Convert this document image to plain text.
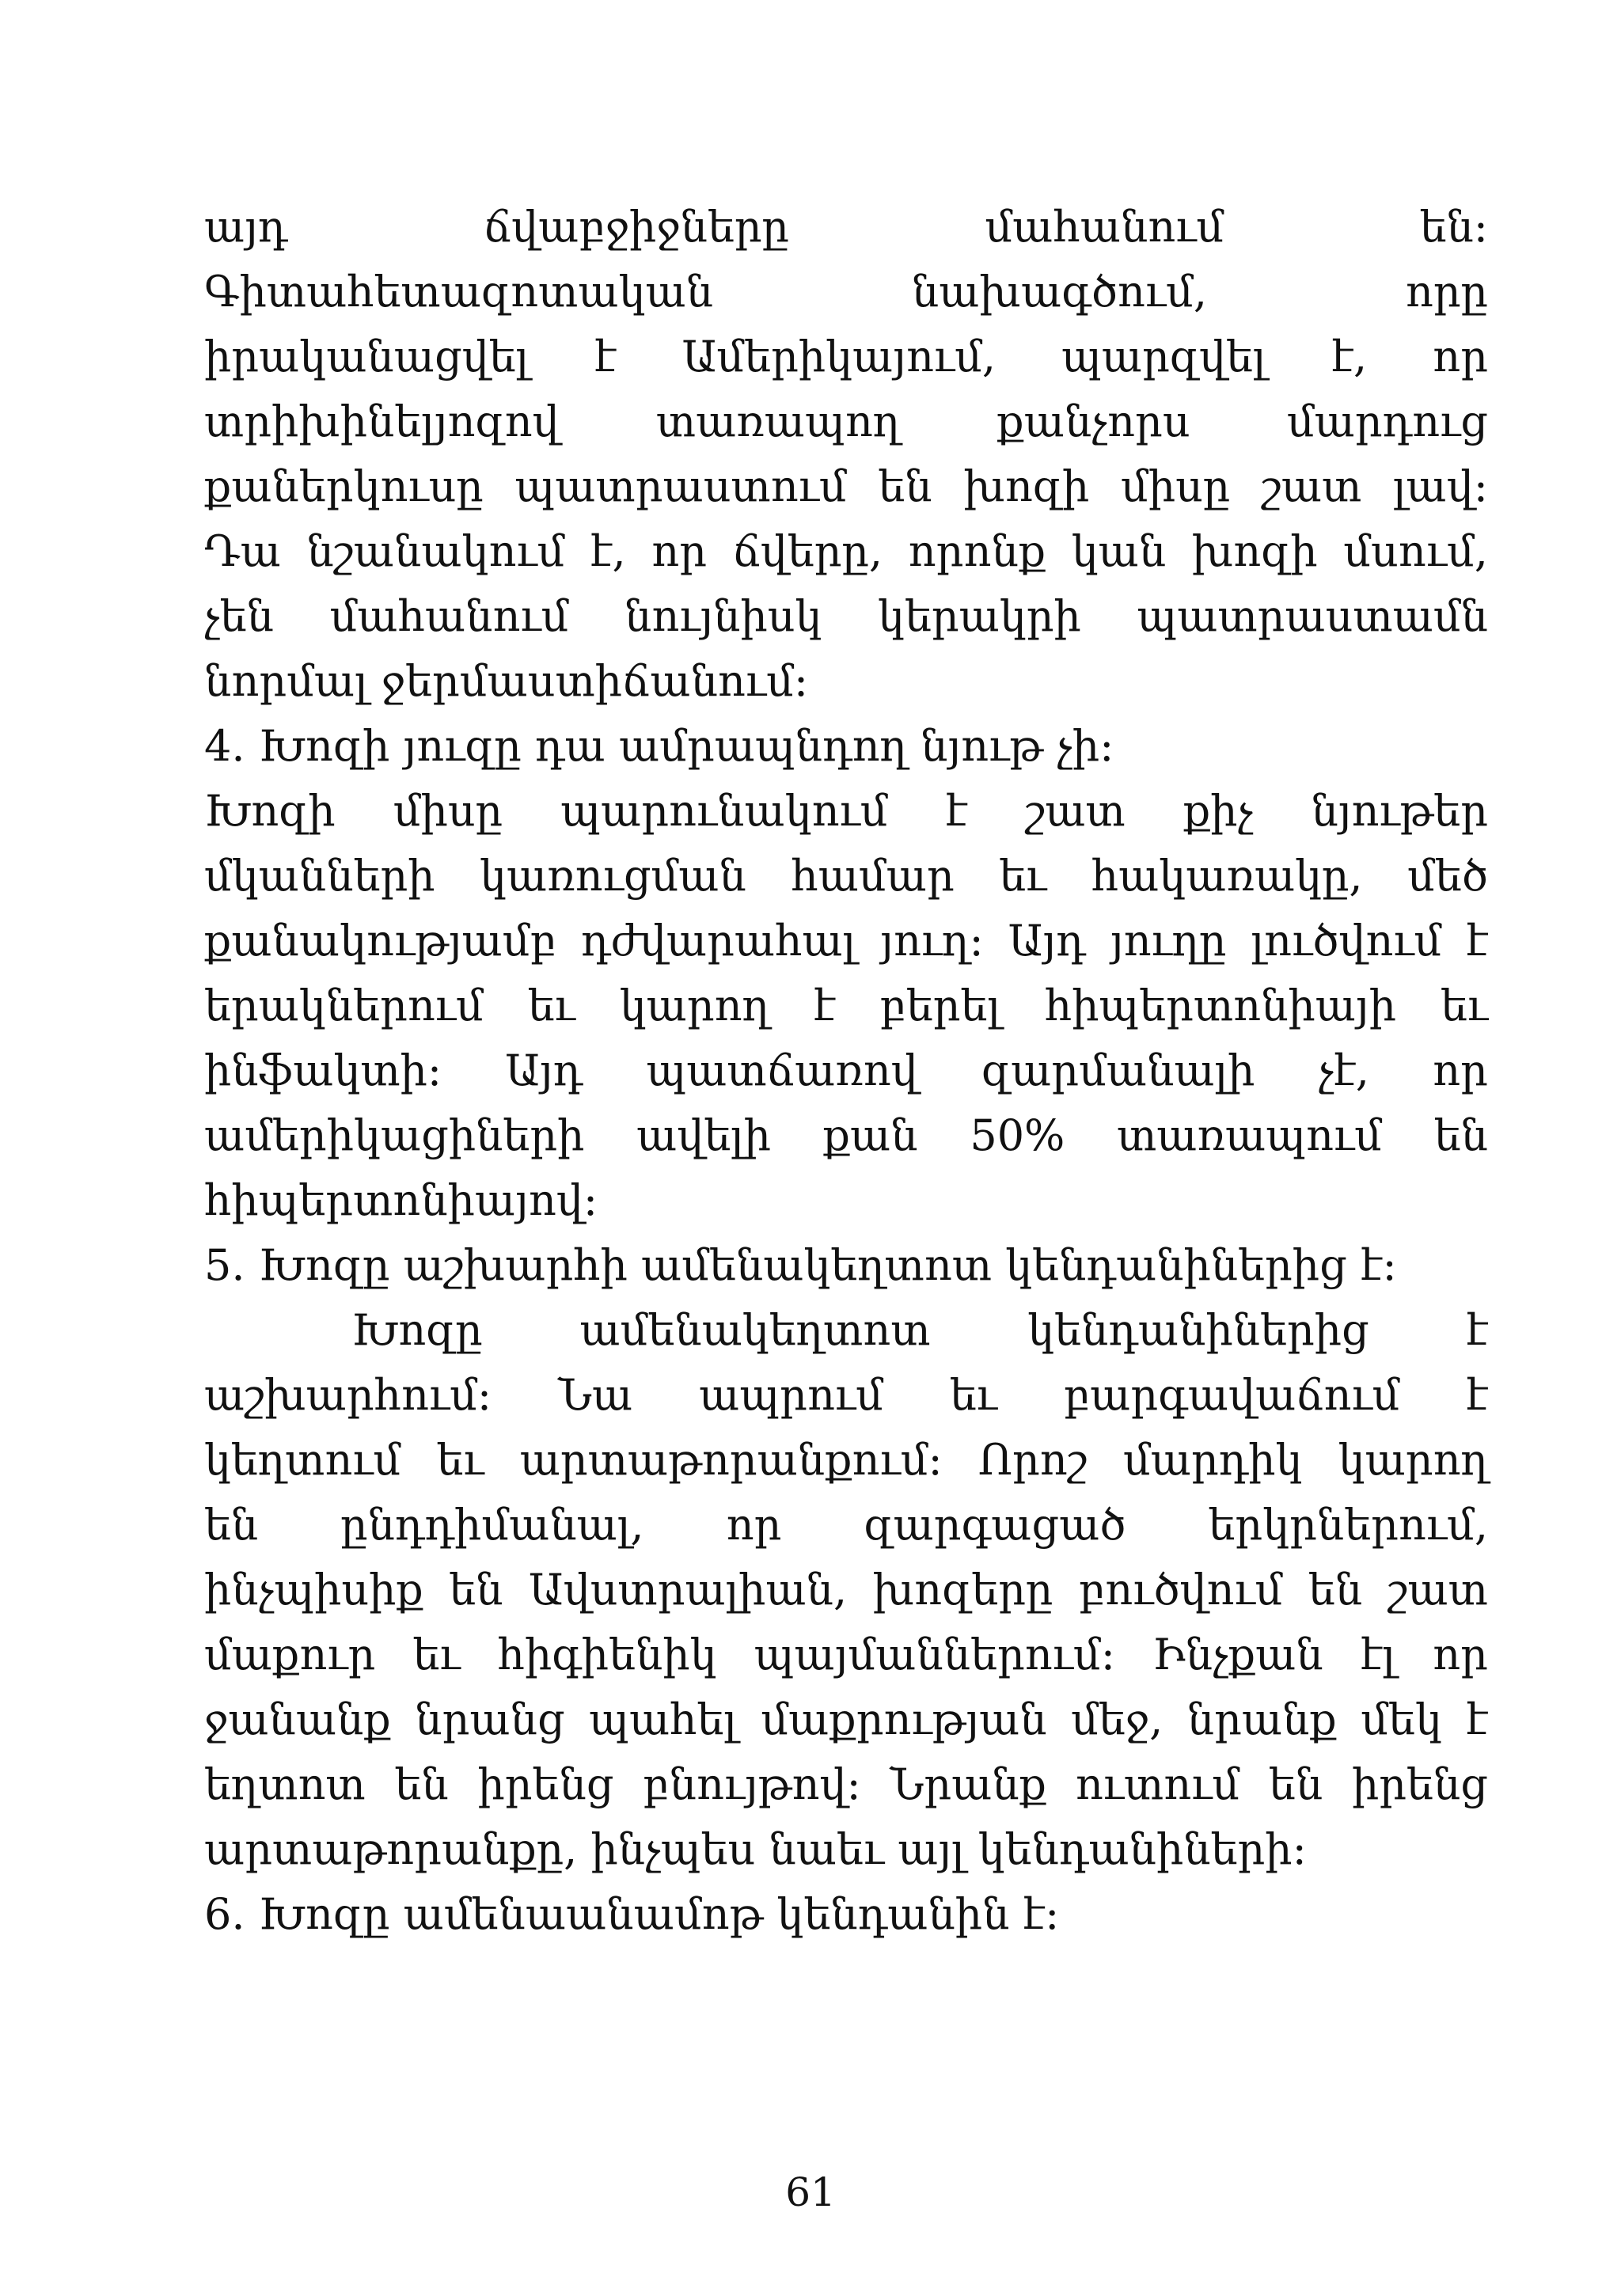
այդ	ճվաբջիջները	մահանում	են:
Գիտահետազոտական	նախագծում,	որը
իրականացվել է Ամերիկայում, պարզվել է, որ
տրիխինելյոզով տառապող քանչորս մարդուց
քաներկուսը պատրաստում են խոզի միսը շատ լավ:
Դա նշանակում է, որ ճվերը, որոնք կան խոզի մսում,
չեն մահանում նույնիսկ կերակրի պատրաստամն
նորմալ ջերմաստիճանում:
4. Խոզի յուզը դա ամրապնդող նյութ չի:
Խոզի միսը պարունակում է շատ քիչ նյութեր
մկանների կառուցման համար եւ հակառակը, մեծ
քանակությամբ դժվարահալ յուղ: Այդ յուղը լուծվում է
երակներում եւ կարող է բերել հիպերտոնիայի եւ
ինֆակտի: Այդ պատճառով զարմանալի չէ, որ
ամերիկացիների ավելի քան 50% տառապում են
հիպերտոնիայով:
5. Խոզը աշխարհի ամենակեղտոտ կենդանիներից է:
Խոզը ամենակեղտոտ կենդանիներից է
աշխարհում: Նա ապրում եւ բարգավաճում է
կեղտում եւ արտաթորանքում: Որոշ մարդիկ կարող
են ընդդիմանալ, որ զարգացած երկրներում,
ինչպիսիք են Ավստրալիան, խոզերը բուծվում են շատ
մաքուր եւ հիգիենիկ պայմաններում: Ինչքան էլ որ
ջանանք նրանց պահել մաքրության մեջ, նրանք մեկ է
եղտոտ են իրենց բնույթով: Նրանք ուտում են իրենց
արտաթորանքը, ինչպես նաեւ այլ կենդանիների:
6. Խոզը ամենաանամոթ կենդանին է:
61
